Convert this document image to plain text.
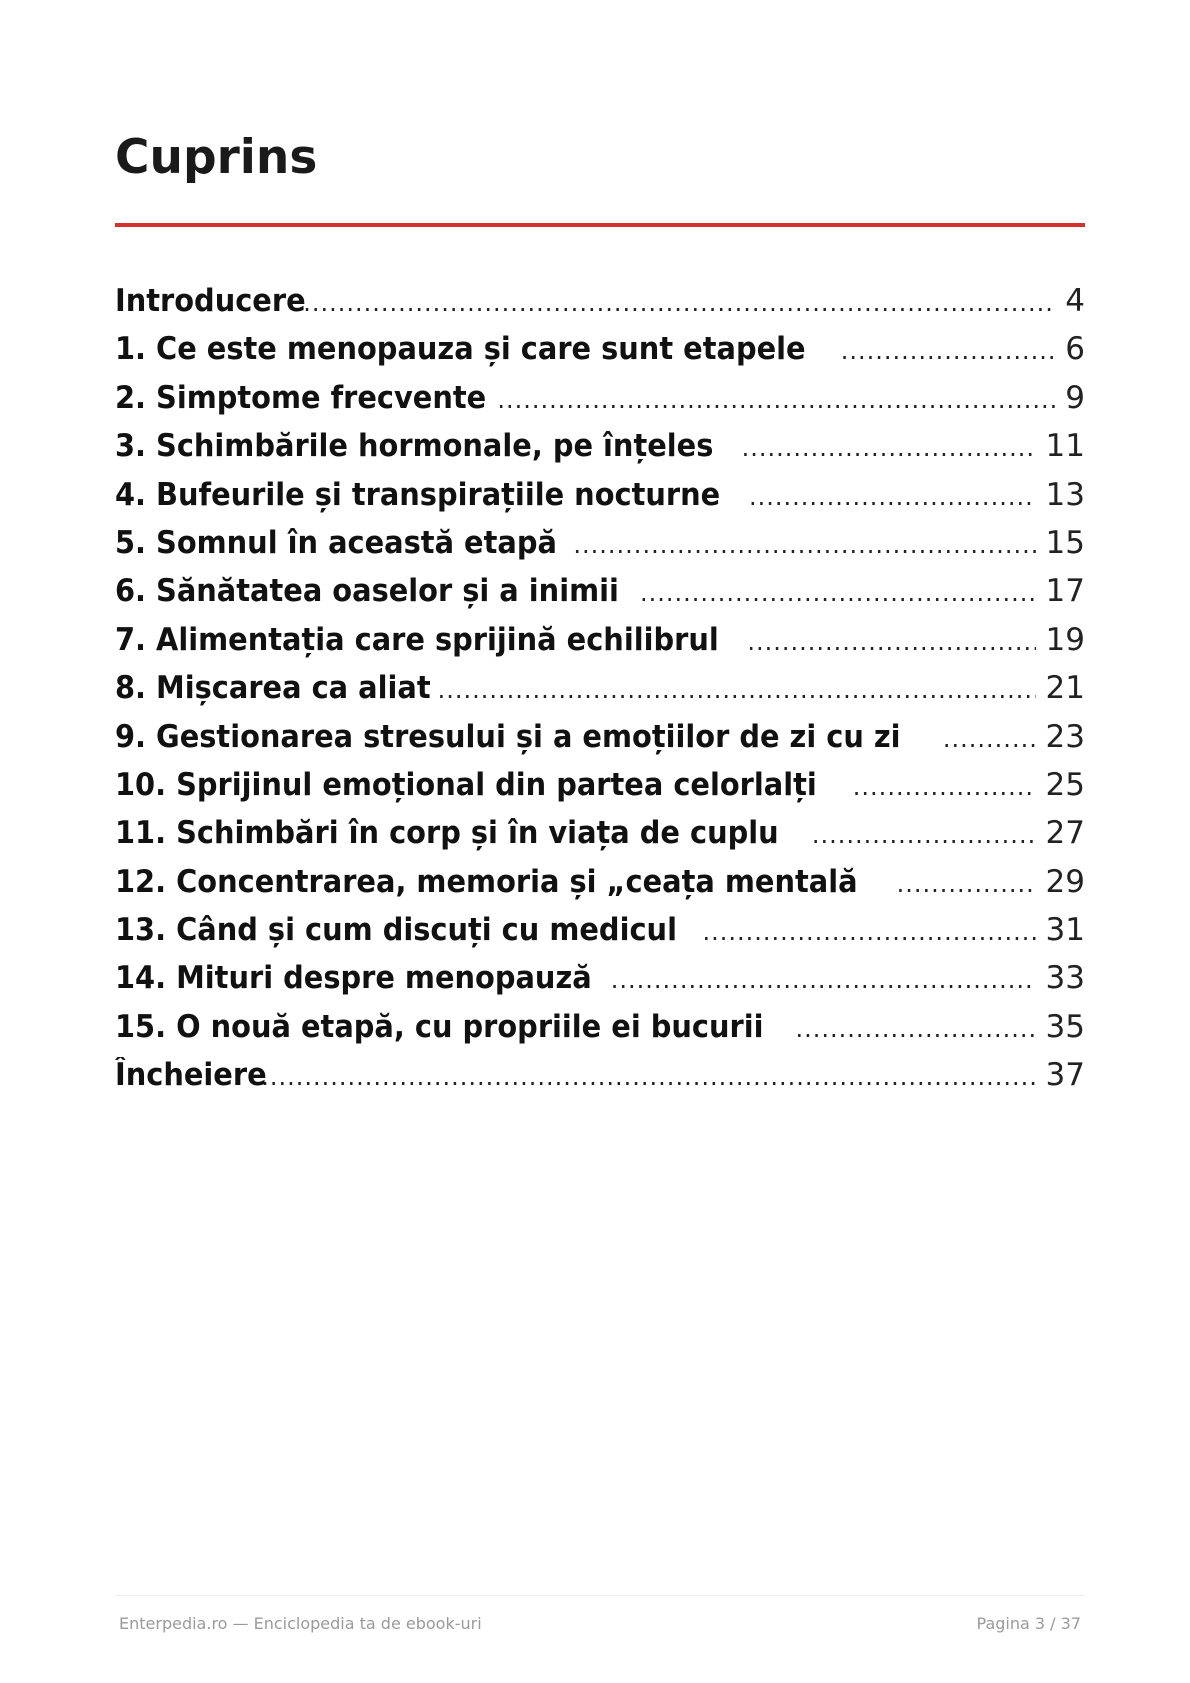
Cuprins
Introducere .....	4
1. Ce este menopauza și care sunt etapele .....	6
2. Simptome frecvente .....	9
3. Schimbările hormonale, pe înțeles .....	11
4. Bufeurile și transpirațiile nocturne .....	13
5. Somnul în această etapă .....	15
6. Sănătatea oaselor și a inimii .....	17
7. Alimentația care sprijină echilibrul .....	19
8. Mișcarea ca aliat .....	21
9. Gestionarea stresului și a emoțiilor de zi cu zi .....	23
10. Sprijinul emoțional din partea celorlalți .....	25
11. Schimbări în corp și în viața de cuplu .....	27
12. Concentrarea, memoria și „ceața mentală .....	29
13. Când și cum discuți cu medicul .....	31
14. Mituri despre menopauză .....	33
15. O nouă etapă, cu propriile ei bucurii .....	35
Încheiere .....	37
Enterpedia.ro — Enciclopedia ta de ebook-uri	Pagina 3 / 37
